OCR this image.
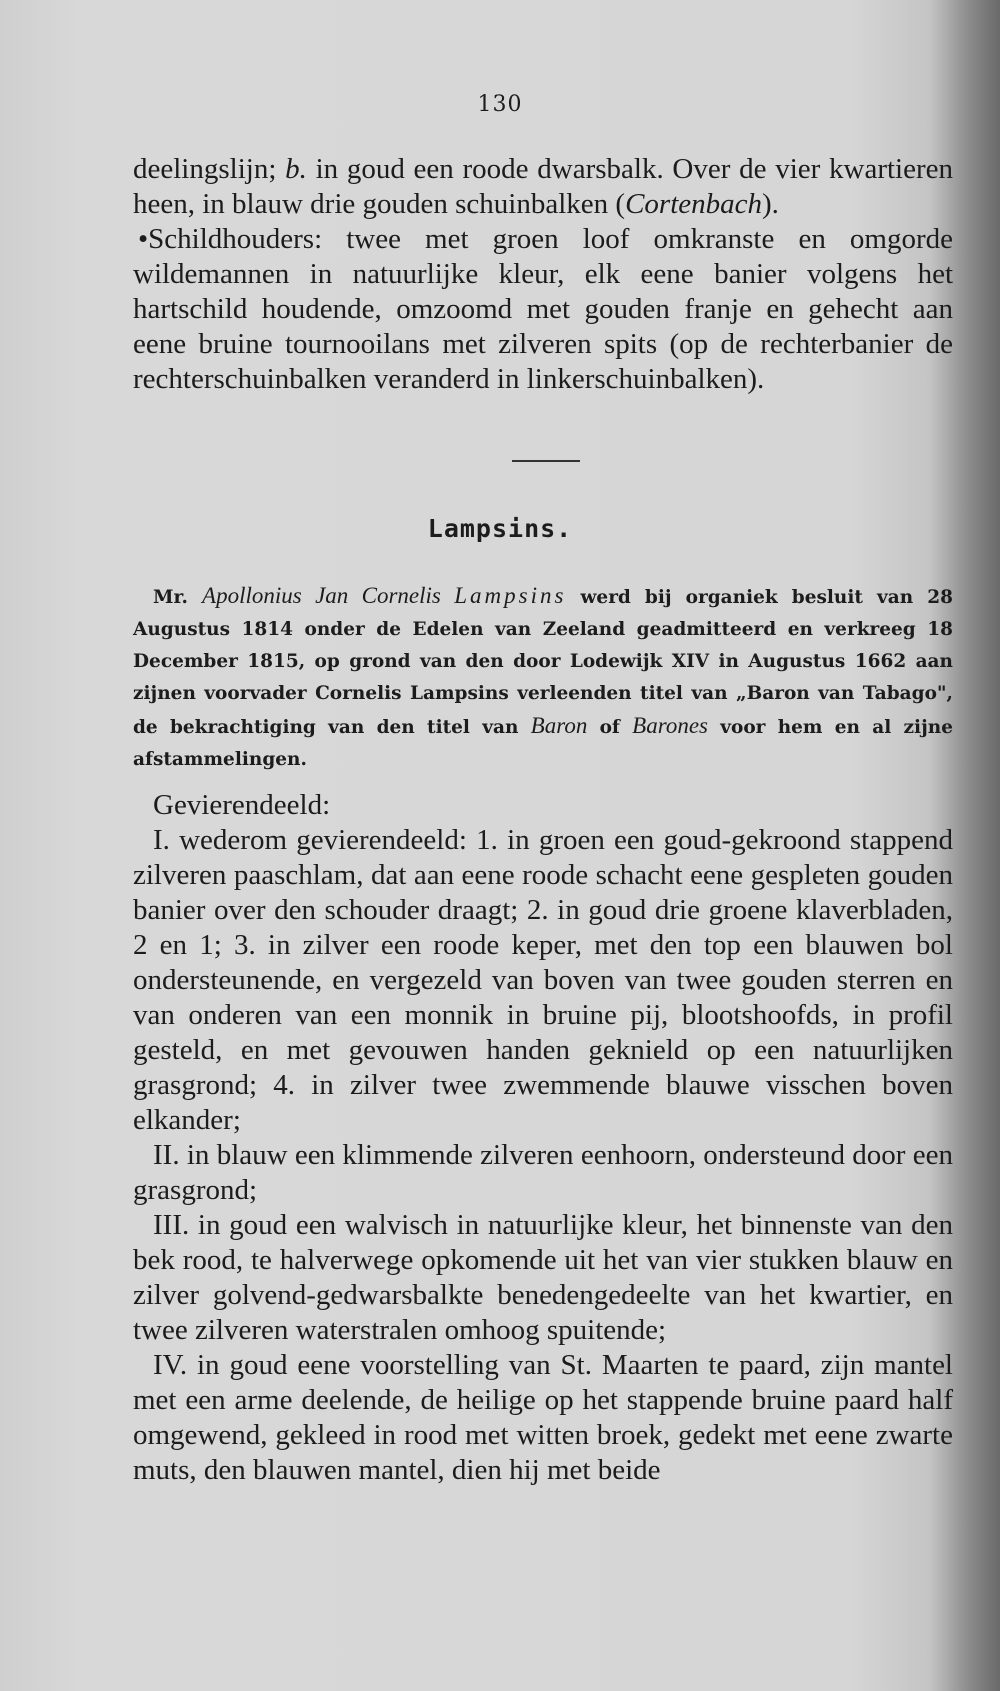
130

deelingslijn; b. in goud een roode dwarsbalk. Over de vier kwartieren heen, in blauw drie gouden schuinbalken (Cortenbach).

•Schildhouders: twee met groen loof omkranste en omgorde wildemannen in natuurlijke kleur, elk eene banier volgens het hartschild houdende, omzoomd met gouden franje en gehecht aan eene bruine tournooilans met zilveren spits (op de rechterbanier de rechterschuinbalken veranderd in linkerschuinbalken).

Lampsins.

Mr. Apollonius Jan Cornelis Lampsins werd bij organiek besluit van 28 Augustus 1814 onder de Edelen van Zeeland geadmitteerd en verkreeg 18 December 1815, op grond van den door Lodewijk XIV in Augustus 1662 aan zijnen voorvader Cornelis Lampsins verleenden titel van „Baron van Tabago", de bekrachtiging van den titel van Baron of Barones voor hem en al zijne afstammelingen.

Gevierendeeld:

I. wederom gevierendeeld: 1. in groen een goud-gekroond stappend zilveren paaschlam, dat aan eene roode schacht eene gespleten gouden banier over den schouder draagt; 2. in goud drie groene klaverbladen, 2 en 1; 3. in zilver een roode keper, met den top een blauwen bol ondersteunende, en vergezeld van boven van twee gouden sterren en van onderen van een monnik in bruine pij, blootshoofds, in profil gesteld, en met gevouwen handen geknield op een natuurlijken grasgrond; 4. in zilver twee zwemmende blauwe visschen boven elkander;

II. in blauw een klimmende zilveren eenhoorn, ondersteund door een grasgrond;

III. in goud een walvisch in natuurlijke kleur, het binnenste van den bek rood, te halverwege opkomende uit het van vier stukken blauw en zilver golvend-gedwarsbalkte benedengedeelte van het kwartier, en twee zilveren waterstralen omhoog spuitende;

IV. in goud eene voorstelling van St. Maarten te paard, zijn mantel met een arme deelende, de heilige op het stappende bruine paard half omgewend, gekleed in rood met witten broek, gedekt met eene zwarte muts, den blauwen mantel, dien hij met beide
